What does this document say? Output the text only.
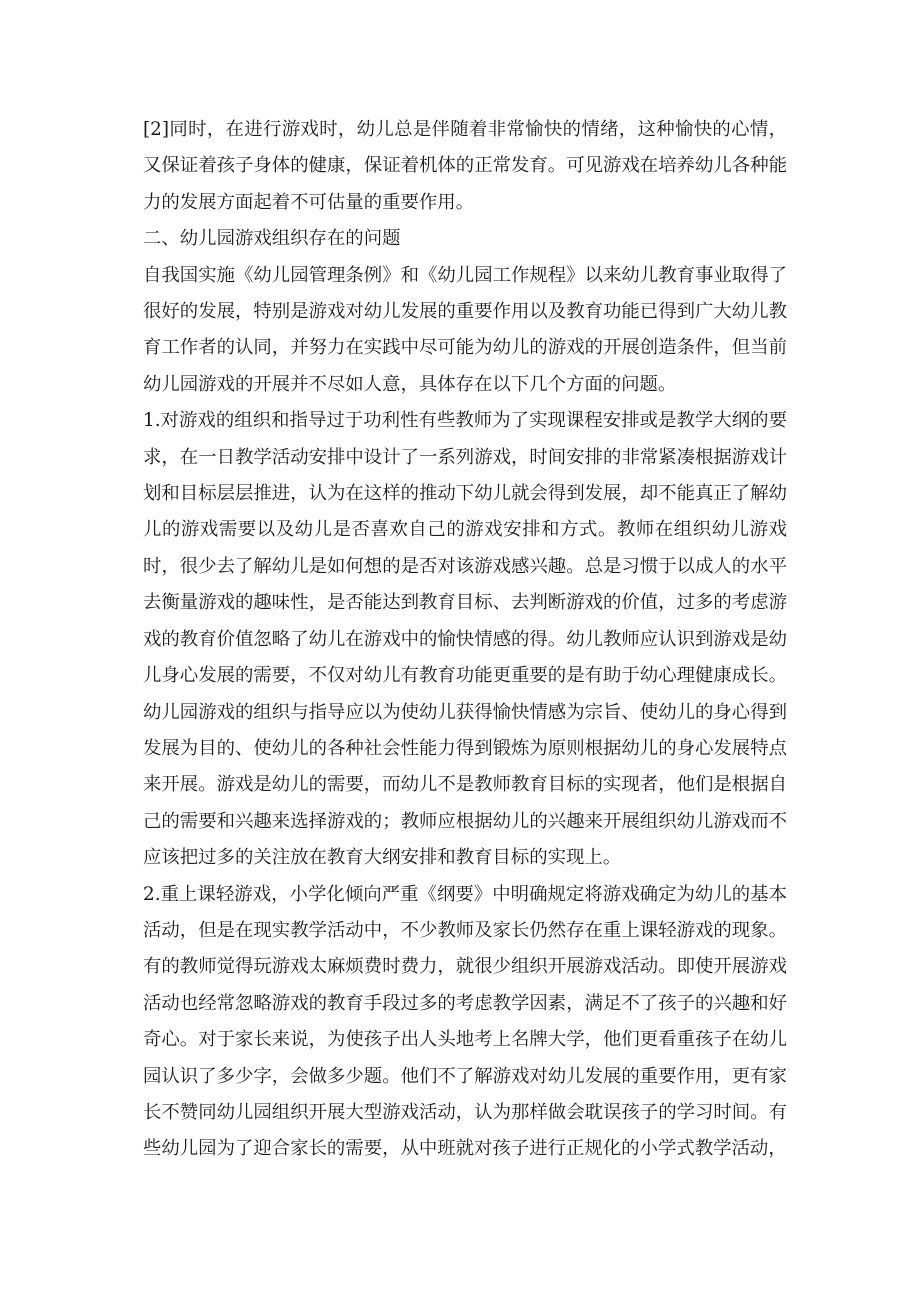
[2]同时，在进行游戏时，幼儿总是伴随着非常愉快的情绪，这种愉快的心情，又保证着孩子身体的健康，保证着机体的正常发育。可见游戏在培养幼儿各种能力的发展方面起着不可估量的重要作用。

二、幼儿园游戏组织存在的问题

自我国实施《幼儿园管理条例》和《幼儿园工作规程》以来幼儿教育事业取得了很好的发展，特别是游戏对幼儿发展的重要作用以及教育功能已得到广大幼儿教育工作者的认同，并努力在实践中尽可能为幼儿的游戏的开展创造条件，但当前幼儿园游戏的开展并不尽如人意，具体存在以下几个方面的问题。

1.对游戏的组织和指导过于功利性有些教师为了实现课程安排或是教学大纲的要求，在一日教学活动安排中设计了一系列游戏，时间安排的非常紧凑根据游戏计划和目标层层推进，认为在这样的推动下幼儿就会得到发展，却不能真正了解幼儿的游戏需要以及幼儿是否喜欢自己的游戏安排和方式。教师在组织幼儿游戏时，很少去了解幼儿是如何想的是否对该游戏感兴趣。总是习惯于以成人的水平去衡量游戏的趣味性，是否能达到教育目标、去判断游戏的价值，过多的考虑游戏的教育价值忽略了幼儿在游戏中的愉快情感的得。幼儿教师应认识到游戏是幼儿身心发展的需要，不仅对幼儿有教育功能更重要的是有助于幼心理健康成长。幼儿园游戏的组织与指导应以为使幼儿获得愉快情感为宗旨、使幼儿的身心得到发展为目的、使幼儿的各种社会性能力得到锻炼为原则根据幼儿的身心发展特点来开展。游戏是幼儿的需要，而幼儿不是教师教育目标的实现者，他们是根据自己的需要和兴趣来选择游戏的；教师应根据幼儿的兴趣来开展组织幼儿游戏而不应该把过多的关注放在教育大纲安排和教育目标的实现上。

2.重上课轻游戏，小学化倾向严重《纲要》中明确规定将游戏确定为幼儿的基本活动，但是在现实教学活动中，不少教师及家长仍然存在重上课轻游戏的现象。有的教师觉得玩游戏太麻烦费时费力，就很少组织开展游戏活动。即使开展游戏活动也经常忽略游戏的教育手段过多的考虑教学因素，满足不了孩子的兴趣和好奇心。对于家长来说，为使孩子出人头地考上名牌大学，他们更看重孩子在幼儿园认识了多少字，会做多少题。他们不了解游戏对幼儿发展的重要作用，更有家长不赞同幼儿园组织开展大型游戏活动，认为那样做会耽误孩子的学习时间。有些幼儿园为了迎合家长的需要，从中班就对孩子进行正规化的小学式教学活动，
